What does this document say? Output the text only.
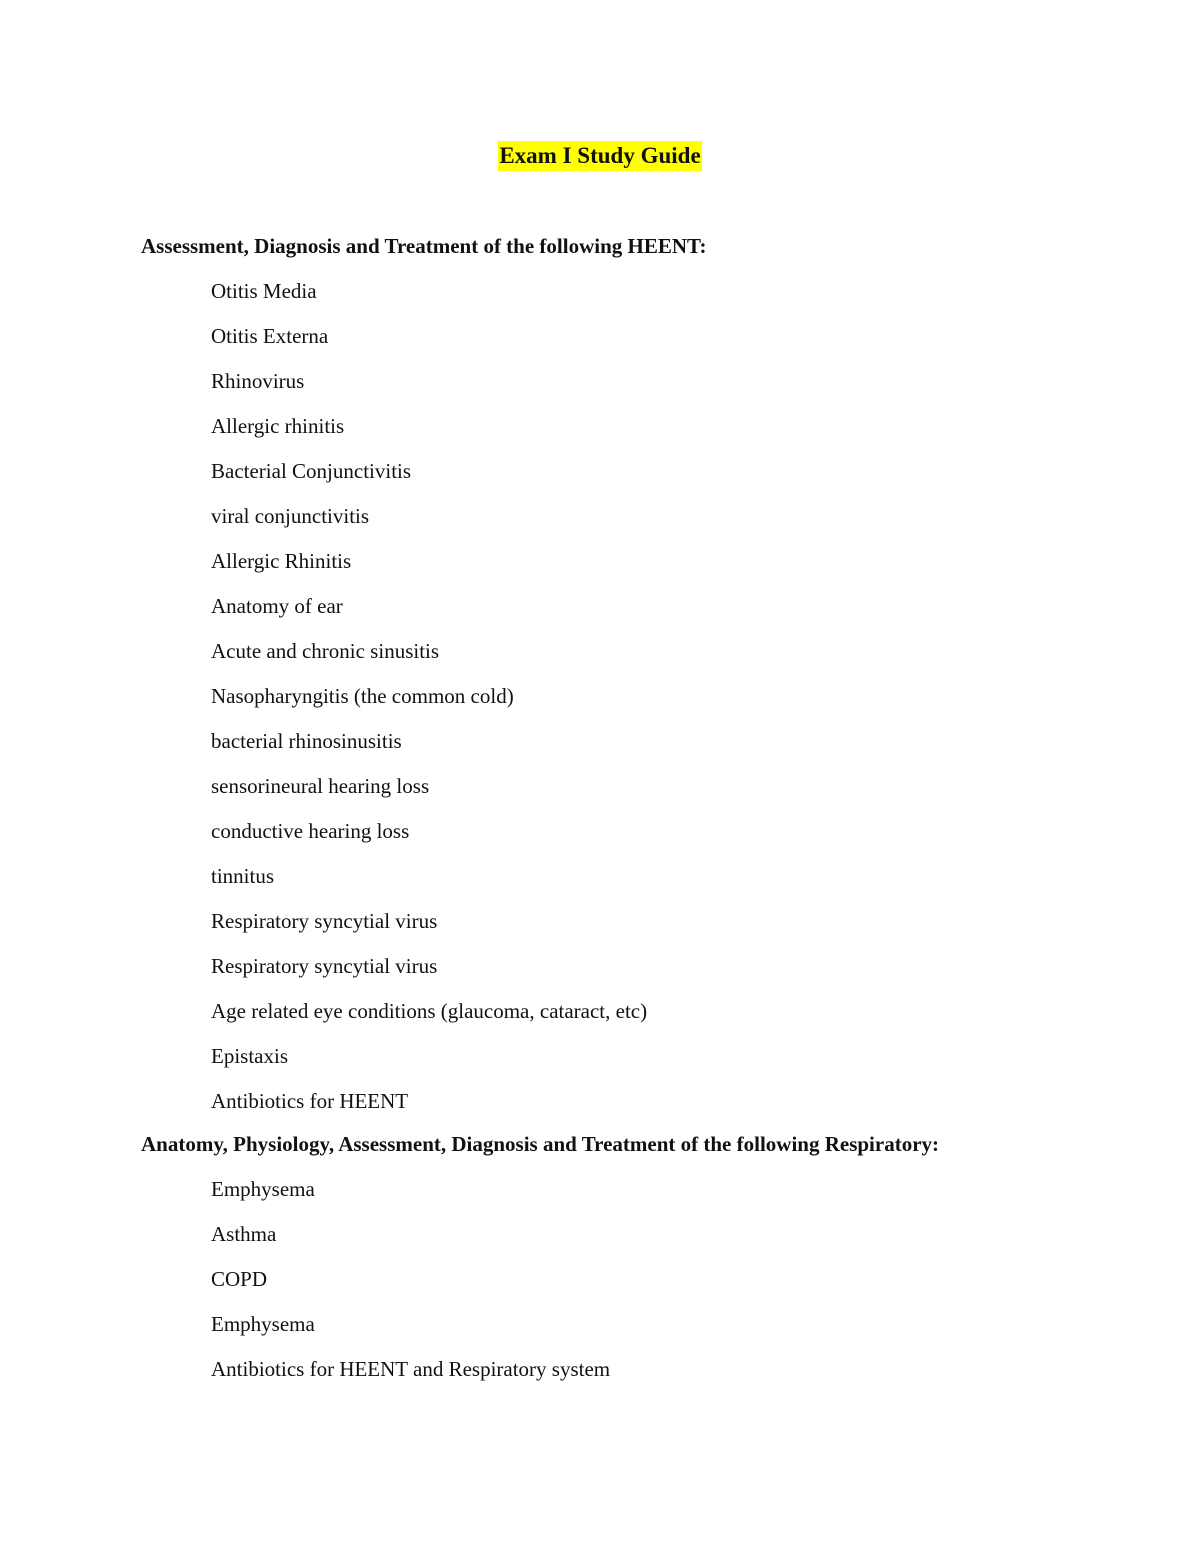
Exam I Study Guide
Assessment, Diagnosis and Treatment of the following HEENT:
Otitis Media
Otitis Externa
Rhinovirus
Allergic rhinitis
Bacterial Conjunctivitis
viral conjunctivitis
Allergic Rhinitis
Anatomy of ear
Acute and chronic sinusitis
Nasopharyngitis (the common cold)
bacterial rhinosinusitis
sensorineural hearing loss
conductive hearing loss
tinnitus
Respiratory syncytial virus
Respiratory syncytial virus
Age related eye conditions (glaucoma, cataract, etc)
Epistaxis
Antibiotics for HEENT
Anatomy, Physiology, Assessment, Diagnosis and Treatment of the following Respiratory:
Emphysema
Asthma
COPD
Emphysema
Antibiotics for HEENT and Respiratory system
